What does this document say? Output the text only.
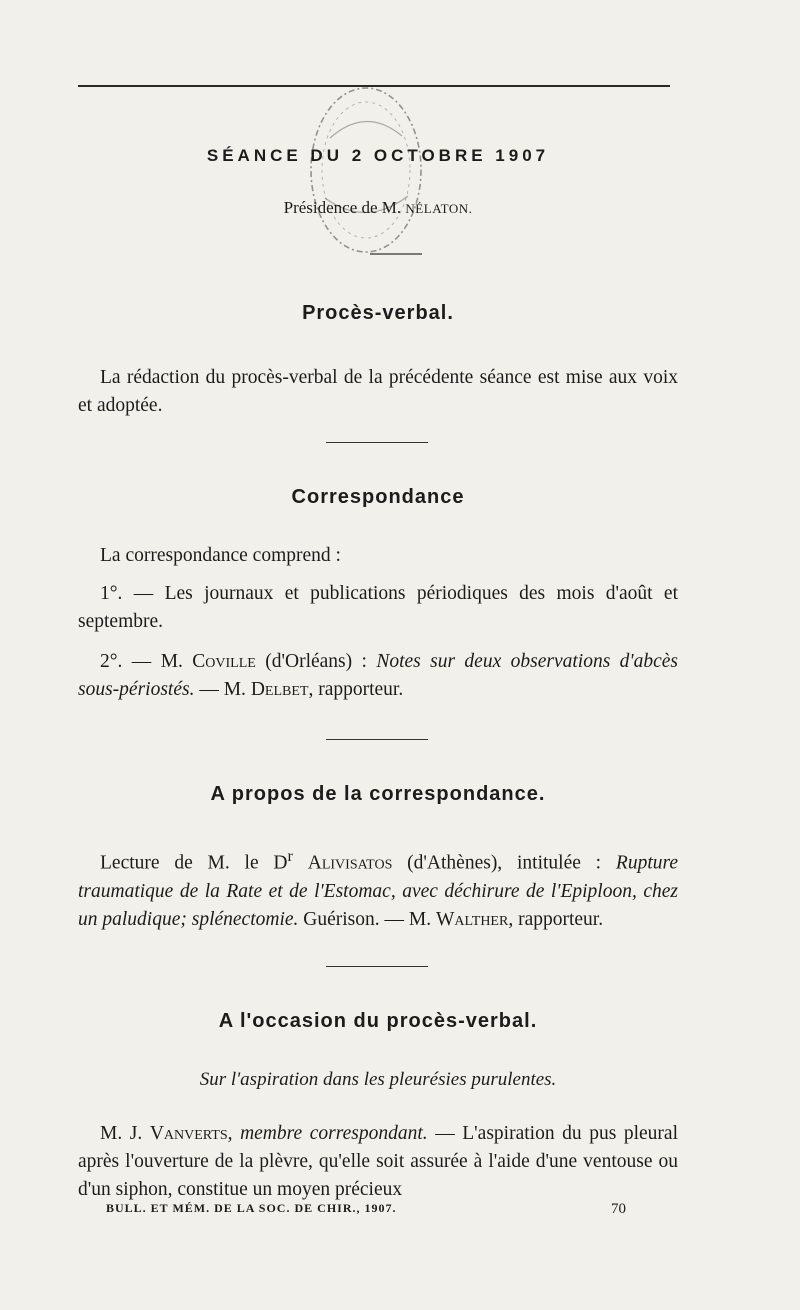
SÉANCE DU 2 OCTOBRE 1907
Présidence de M. NÉLATON.
Procès-verbal.
La rédaction du procès-verbal de la précédente séance est mise aux voix et adoptée.
Correspondance
La correspondance comprend :
1°. — Les journaux et publications périodiques des mois d'août et septembre.
2°. — M. Coville (d'Orléans) : Notes sur deux observations d'abcès sous-périostés. — M. Delbet, rapporteur.
A propos de la correspondance.
Lecture de M. le $D^r$ Alivisatos (d'Athènes), intitulée : Rupture traumatique de la Rate et de l'Estomac, avec déchirure de l'Epiploon, chez un paludique; splénectomie. Guérison. — M. Walther, rapporteur.
A l'occasion du procès-verbal.
Sur l'aspiration dans les pleurésies purulentes.
M. J. Vanverts, membre correspondant. — L'aspiration du pus pleural après l'ouverture de la plèvre, qu'elle soit assurée à l'aide d'une ventouse ou d'un siphon, constitue un moyen précieux
BULL. ET MÉM. DE LA SOC. DE CHIR., 1907.	70
